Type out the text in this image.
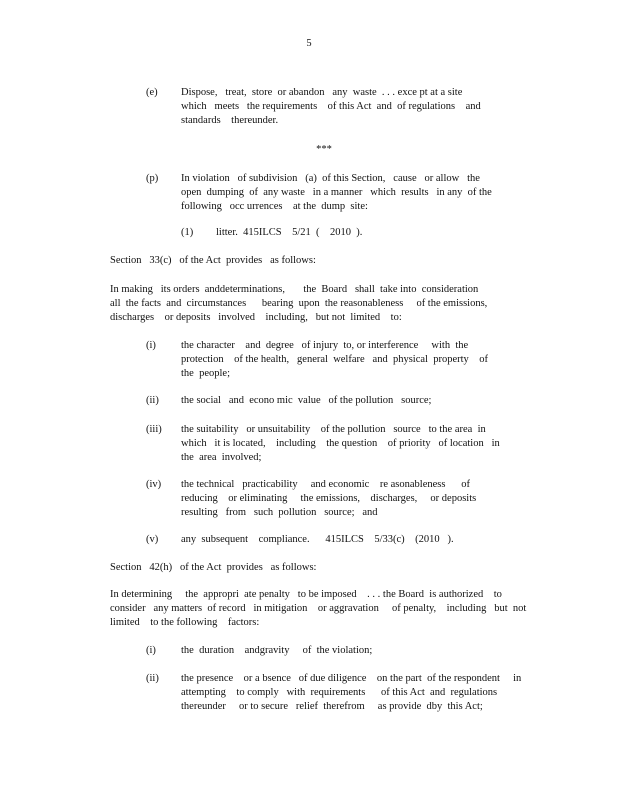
5
(e) Dispose,   treat,  store  or abandon   any  waste  . . . exce pt at a site
which   meets   the requirements    of this Act  and  of regulations    and
standards    thereunder.
***
(p) In violation   of subdivision   (a)  of this Section,   cause   or allow   the
open  dumping  of  any waste   in a manner   which  results   in any  of the
following   occ urrences    at the  dump  site:
(1) litter.  415ILCS    5/21  (    2010  ).
Section   33(c)   of the Act  provides   as follows:
In making   its orders  anddeterminations,       the  Board   shall  take into  consideration
all  the facts  and  circumstances      bearing  upon  the reasonableness     of the emissions,
discharges    or deposits   involved    including,   but not  limited    to:
(i) the character    and  degree   of injury  to, or interference     with  the
protection    of the health,   general  welfare   and  physical  property    of
the  people;
(ii) the social   and  econo mic  value   of the pollution   source;
(iii) the suitability   or unsuitability    of the pollution   source   to the area  in
which   it is located,    including    the question    of priority   of location   in
the  area  involved;
(iv) the technical   practicability     and economic    re asonableness      of
reducing    or eliminating     the emissions,    discharges,     or deposits
resulting   from   such  pollution   source;   and
(v) any  subsequent    compliance.      415ILCS    5/33(c)    (2010   ).
Section   42(h)   of the Act  provides   as follows:
In determining     the  appropri  ate penalty   to be imposed    . . . the Board  is authorized    to
consider   any matters  of record   in mitigation    or aggravation     of penalty,    including   but  not
limited    to the following    factors:
(i) the  duration    andgravity     of  the violation;
(ii) the presence    or a bsence   of due diligence    on the part  of the respondent     in
attempting    to comply   with  requirements      of this Act  and  regulations
thereunder     or to secure   relief  therefrom     as provide  dby  this Act;
